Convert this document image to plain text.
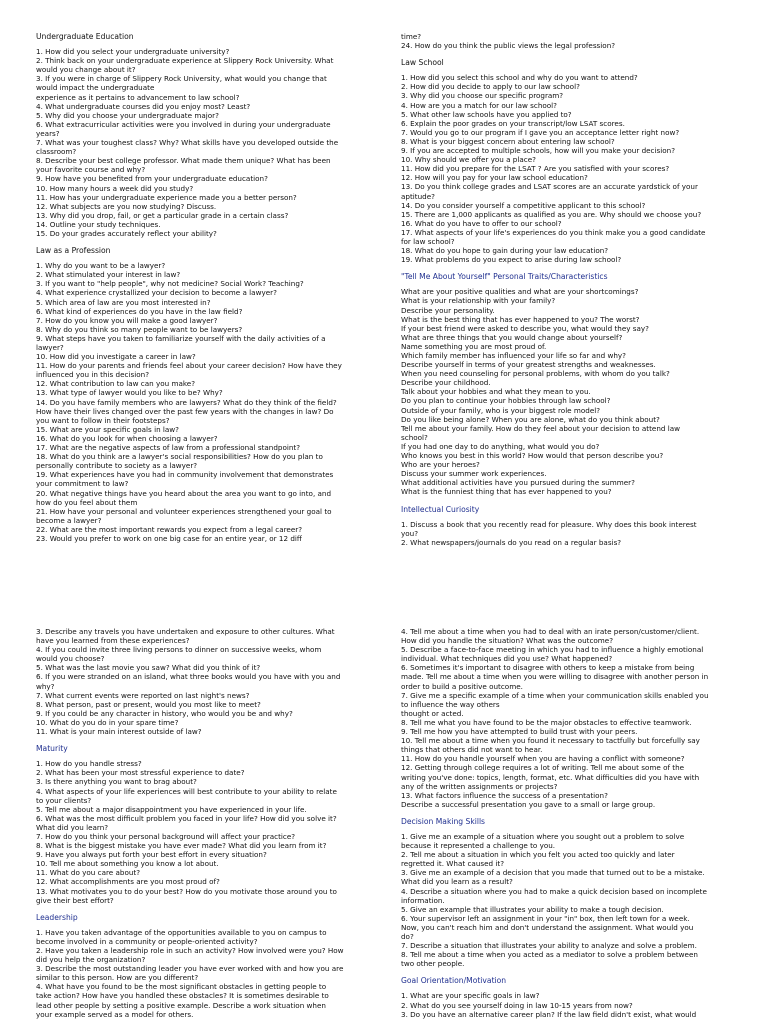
Undergraduate Education
1. How did you select your undergraduate university?
2. Think back on your undergraduate experience at Slippery Rock University. What
would you change about it?
3. If you were in charge of Slippery Rock University, what would you change that
would impact the undergraduate
experience as it pertains to advancement to law school?
4. What undergraduate courses did you enjoy most? Least?
5. Why did you choose your undergraduate major?
6. What extracurricular activities were you involved in during your undergraduate
years?
7. What was your toughest class? Why? What skills have you developed outside the
classroom?
8. Describe your best college professor. What made them unique? What has been
your favorite course and why?
9. How have you benefited from your undergraduate education?
10. How many hours a week did you study?
11. How has your undergraduate experience made you a better person?
12. What subjects are you now studying? Discuss.
13. Why did you drop, fail, or get a particular grade in a certain class?
14. Outline your study techniques.
15. Do your grades accurately reflect your ability?
Law as a Profession
1. Why do you want to be a lawyer?
2. What stimulated your interest in law?
3. If you want to "help people", why not medicine? Social Work? Teaching?
4. What experience crystallized your decision to become a lawyer?
5. Which area of law are you most interested in?
6. What kind of experiences do you have in the law field?
7. How do you know you will make a good lawyer?
8. Why do you think so many people want to be lawyers?
9. What steps have you taken to familiarize yourself with the daily activities of a
lawyer?
10. How did you investigate a career in law?
11. How do your parents and friends feel about your career decision? How have they
influenced you in this decision?
12. What contribution to law can you make?
13. What type of lawyer would you like to be? Why?
14. Do you have family members who are lawyers? What do they think of the field?
How have their lives changed over the past few years with the changes in law? Do
you want to follow in their footsteps?
15. What are your specific goals in law?
16. What do you look for when choosing a lawyer?
17. What are the negative aspects of law from a professional standpoint?
18. What do you think are a lawyer's social responsibilities? How do you plan to
personally contribute to society as a lawyer?
19. What experiences have you had in community involvement that demonstrates
your commitment to law?
20. What negative things have you heard about the area you want to go into, and
how do you feel about them
21. How have your personal and volunteer experiences strengthened your goal to
become a lawyer?
22. What are the most important rewards you expect from a legal career?
23. Would you prefer to work on one big case for an entire year, or 12 diff
time?
24. How do you think the public views the legal profession?
Law School
1. How did you select this school and why do you want to attend?
2. How did you decide to apply to our law school?
3. Why did you choose our specific program?
4. How are you a match for our law school?
5. What other law schools have you applied to?
6. Explain the poor grades on your transcript/low LSAT scores.
7. Would you go to our program if I gave you an acceptance letter right now?
8. What is your biggest concern about entering law school?
9. If you are accepted to multiple schools, how will you make your decision?
10. Why should we offer you a place?
11. How did you prepare for the LSAT ? Are you satisfied with your scores?
12. How will you pay for your law school education?
13. Do you think college grades and LSAT scores are an accurate yardstick of your
aptitude?
14. Do you consider yourself a competitive applicant to this school?
15. There are 1,000 applicants as qualified as you are. Why should we choose you?
16. What do you have to offer to our school?
17. What aspects of your life's experiences do you think make you a good candidate
for law school?
18. What do you hope to gain during your law education?
19. What problems do you expect to arise during law school?
"Tell Me About Yourself" Personal Traits/Characteristics
What are your positive qualities and what are your shortcomings?
What is your relationship with your family?
Describe your personality.
What is the best thing that has ever happened to you? The worst?
If your best friend were asked to describe you, what would they say?
What are three things that you would change about yourself?
Name something you are most proud of.
Which family member has influenced your life so far and why?
Describe yourself in terms of your greatest strengths and weaknesses.
When you need counseling for personal problems, with whom do you talk?
Describe your childhood.
Talk about your hobbies and what they mean to you.
Do you plan to continue your hobbies through law school?
Outside of your family, who is your biggest role model?
Do you like being alone? When you are alone, what do you think about?
Tell me about your family. How do they feel about your decision to attend law
school?
If you had one day to do anything, what would you do?
Who knows you best in this world? How would that person describe you?
Who are your heroes?
Discuss your summer work experiences.
What additional activities have you pursued during the summer?
What is the funniest thing that has ever happened to you?
Intellectual Curiosity
1. Discuss a book that you recently read for pleasure. Why does this book interest
you?
2. What newspapers/journals do you read on a regular basis?
3. Describe any travels you have undertaken and exposure to other cultures. What
have you learned from these experiences?
4. If you could invite three living persons to dinner on successive weeks, whom
would you choose?
5. What was the last movie you saw? What did you think of it?
6. If you were stranded on an island, what three books would you have with you and
why?
7. What current events were reported on last night's news?
8. What person, past or present, would you most like to meet?
9. If you could be any character in history, who would you be and why?
10. What do you do in your spare time?
11. What is your main interest outside of law?
Maturity
1. How do you handle stress?
2. What has been your most stressful experience to date?
3. Is there anything you want to brag about?
4. What aspects of your life experiences will best contribute to your ability to relate
to your clients?
5. Tell me about a major disappointment you have experienced in your life.
6. What was the most difficult problem you faced in your life? How did you solve it?
What did you learn?
7. How do you think your personal background will affect your practice?
8. What is the biggest mistake you have ever made? What did you learn from it?
9. Have you always put forth your best effort in every situation?
10. Tell me about something you know a lot about.
11. What do you care about?
12. What accomplishments are you most proud of?
13. What motivates you to do your best? How do you motivate those around you to
give their best effort?
Leadership
1. Have you taken advantage of the opportunities available to you on campus to
become involved in a community or people-oriented activity?
2. Have you taken a leadership role in such an activity? How involved were you? How
did you help the organization?
3. Describe the most outstanding leader you have ever worked with and how you are
similar to this person. How are you different?
4. What have you found to be the most significant obstacles in getting people to
take action? How have you handled these obstacles? It is sometimes desirable to
lead other people by setting a positive example. Describe a work situation when
your example served as a model for others.
4. Tell me about a time when you had to deal with an irate person/customer/client.
How did you handle the situation? What was the outcome?
5. Describe a face-to-face meeting in which you had to influence a highly emotional
individual. What techniques did you use? What happened?
6. Sometimes it's important to disagree with others to keep a mistake from being
made. Tell me about a time when you were willing to disagree with another person in
order to build a positive outcome.
7. Give me a specific example of a time when your communication skills enabled you
to influence the way others
thought or acted.
8. Tell me what you have found to be the major obstacles to effective teamwork.
9. Tell me how you have attempted to build trust with your peers.
10. Tell me about a time when you found it necessary to tactfully but forcefully say
things that others did not want to hear.
11. How do you handle yourself when you are having a conflict with someone?
12. Getting through college requires a lot of writing. Tell me about some of the
writing you've done: topics, length, format, etc. What difficulties did you have with
any of the written assignments or projects?
13. What factors influence the success of a presentation?
Describe a successful presentation you gave to a small or large group.
Decision Making Skills
1. Give me an example of a situation where you sought out a problem to solve
because it represented a challenge to you.
2. Tell me about a situation in which you felt you acted too quickly and later
regretted it. What caused it?
3. Give me an example of a decision that you made that turned out to be a mistake.
What did you learn as a result?
4. Describe a situation where you had to make a quick decision based on incomplete
information.
5. Give an example that illustrates your ability to make a tough decision.
6. Your supervisor left an assignment in your "in" box, then left town for a week.
Now, you can't reach him and don't understand the assignment. What would you
do?
7. Describe a situation that illustrates your ability to analyze and solve a problem.
8. Tell me about a time when you acted as a mediator to solve a problem between
two other people.
Goal Orientation/Motivation
1. What are your specific goals in law?
2. What do you see yourself doing in law 10-15 years from now?
3. Do you have an alternative career plan? If the law field didn't exist, what would
